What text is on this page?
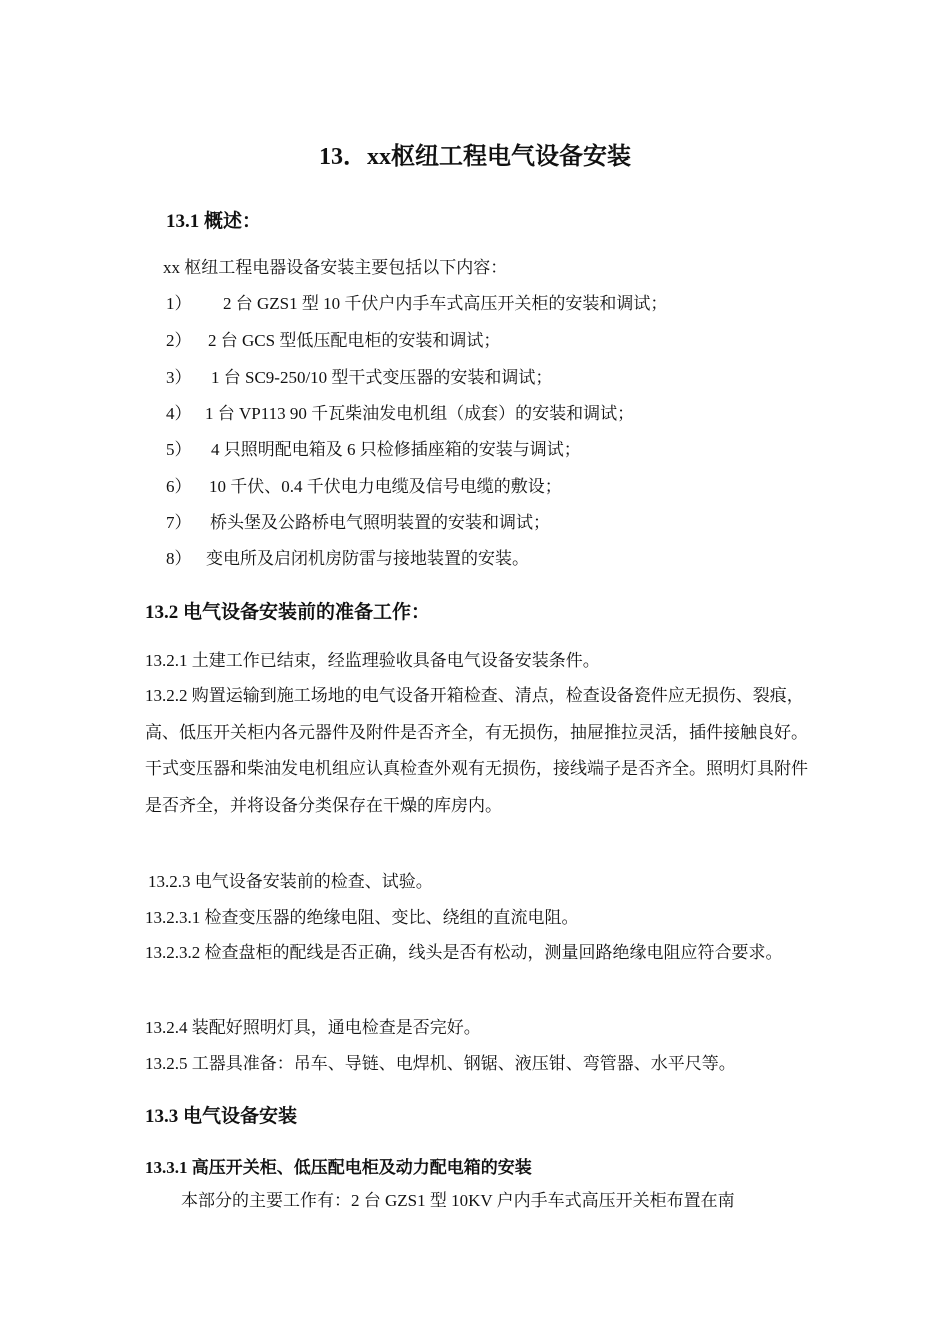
13．xx枢纽工程电气设备安装
13.1 概述：
xx 枢纽工程电器设备安装主要包括以下内容：
1） 2 台 GZS1 型 10 千伏户内手车式高压开关柜的安装和调试；
2） 2 台 GCS 型低压配电柜的安装和调试；
3） 1 台 SC9-250/10 型干式变压器的安装和调试；
4） 1 台 VP113 90 千瓦柴油发电机组（成套）的安装和调试；
5） 4 只照明配电箱及 6 只检修插座箱的安装与调试；
6） 10 千伏、0.4 千伏电力电缆及信号电缆的敷设；
7） 桥头堡及公路桥电气照明装置的安装和调试；
8） 变电所及启闭机房防雷与接地装置的安装。
13.2 电气设备安装前的准备工作：
13.2.1 土建工作已结束，经监理验收具备电气设备安装条件。

13.2.2 购置运输到施工场地的电气设备开箱检查、清点，检查设备瓷件应无损伤、裂痕，高、低压开关柜内各元器件及附件是否齐全，有无损伤，抽屉推拉灵活，插件接触良好。干式变压器和柴油发电机组应认真检查外观有无损伤，接线端子是否齐全。照明灯具附件是否齐全，并将设备分类保存在干燥的库房内。

13.2.3 电气设备安装前的检查、试验。
13.2.3.1 检查变压器的绝缘电阻、变比、绕组的直流电阻。

13.2.3.2 检查盘柜的配线是否正确，线头是否有松动，测量回路绝缘电阻应符合要求。

13.2.4 装配好照明灯具，通电检查是否完好。
13.2.5 工器具准备：吊车、导链、电焊机、钢锯、液压钳、弯管器、水平尺等。
13.3 电气设备安装
13.3.1 高压开关柜、低压配电柜及动力配电箱的安装
本部分的主要工作有：2 台 GZS1 型 10KV 户内手车式高压开关柜布置在南
